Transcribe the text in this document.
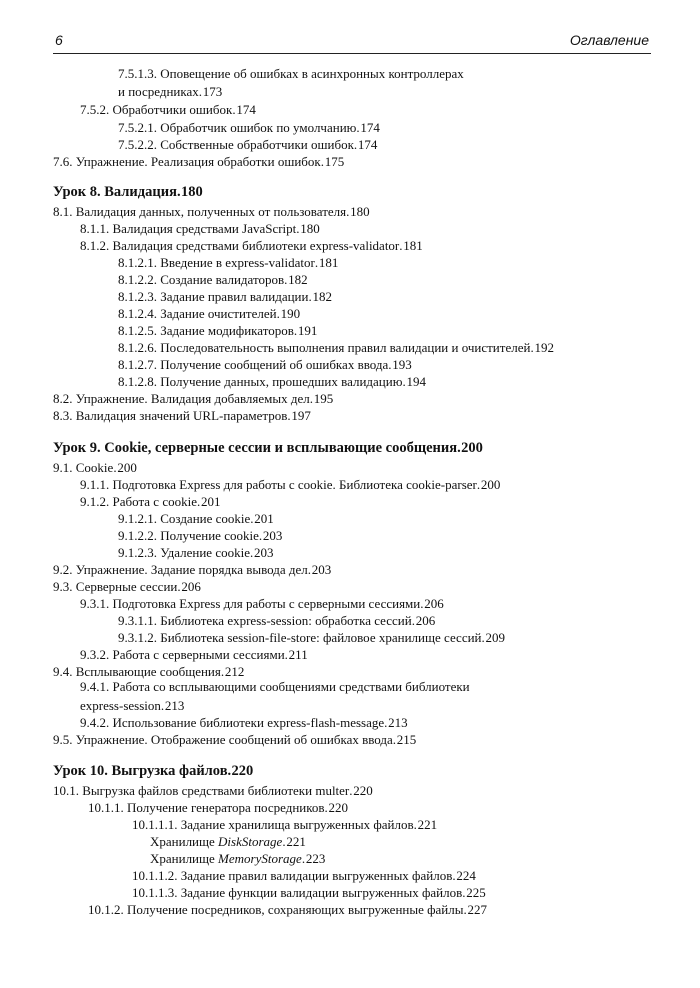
6	Оглавление
7.5.1.3. Оповещение об ошибках в асинхронных контроллерах
и посредниках ..... 173
7.5.2. Обработчики ошибок ..... 174
7.5.2.1. Обработчик ошибок по умолчанию ..... 174
7.5.2.2. Собственные обработчики ошибок ..... 174
7.6. Упражнение. Реализация обработки ошибок ..... 175
Урок 8. Валидация ..... 180
8.1. Валидация данных, полученных от пользователя ..... 180
8.1.1. Валидация средствами JavaScript ..... 180
8.1.2. Валидация средствами библиотеки express-validator ..... 181
8.1.2.1. Введение в express-validator ..... 181
8.1.2.2. Создание валидаторов ..... 182
8.1.2.3. Задание правил валидации ..... 182
8.1.2.4. Задание очистителей ..... 190
8.1.2.5. Задание модификаторов ..... 191
8.1.2.6. Последовательность выполнения правил валидации и очистителей ..... 192
8.1.2.7. Получение сообщений об ошибках ввода ..... 193
8.1.2.8. Получение данных, прошедших валидацию ..... 194
8.2. Упражнение. Валидация добавляемых дел ..... 195
8.3. Валидация значений URL-параметров ..... 197
Урок 9. Cookie, серверные сессии и всплывающие сообщения ..... 200
9.1. Cookie ..... 200
9.1.1. Подготовка Express для работы с cookie. Библиотека cookie-parser ..... 200
9.1.2. Работа с cookie ..... 201
9.1.2.1. Создание cookie ..... 201
9.1.2.2. Получение cookie ..... 203
9.1.2.3. Удаление cookie ..... 203
9.2. Упражнение. Задание порядка вывода дел ..... 203
9.3. Серверные сессии ..... 206
9.3.1. Подготовка Express для работы с серверными сессиями ..... 206
9.3.1.1. Библиотека express-session: обработка сессий ..... 206
9.3.1.2. Библиотека session-file-store: файловое хранилище сессий ..... 209
9.3.2. Работа с серверными сессиями ..... 211
9.4. Всплывающие сообщения ..... 212
9.4.1. Работа со всплывающими сообщениями средствами библиотеки
express-session ..... 213
9.4.2. Использование библиотеки express-flash-message ..... 213
9.5. Упражнение. Отображение сообщений об ошибках ввода ..... 215
Урок 10. Выгрузка файлов ..... 220
10.1. Выгрузка файлов средствами библиотеки multer ..... 220
10.1.1. Получение генератора посредников ..... 220
10.1.1.1. Задание хранилища выгруженных файлов ..... 221
Хранилище DiskStorage ..... 221
Хранилище MemoryStorage ..... 223
10.1.1.2. Задание правил валидации выгруженных файлов ..... 224
10.1.1.3. Задание функции валидации выгруженных файлов ..... 225
10.1.2. Получение посредников, сохраняющих выгруженные файлы ..... 227
